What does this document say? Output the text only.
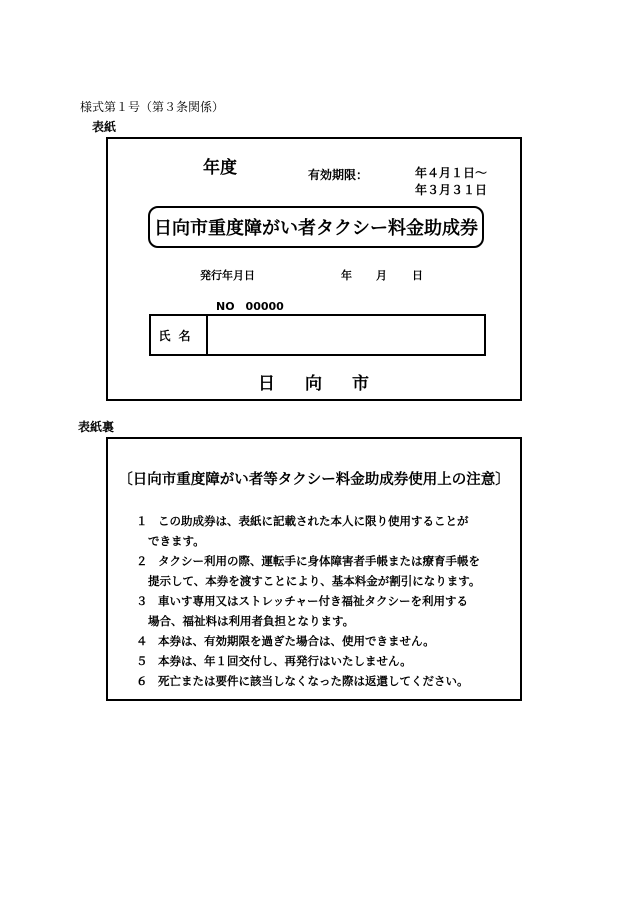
様式第１号（第３条関係）
表紙
年度	有効期限：	年４月１日～
年３月３１日
日向市重度障がい者タクシー料金助成券
発行年月日	年 月 日
NO　00000
氏名
日向市
表紙裏
〔日向市重度障がい者等タクシー料金助成券使用上の注意〕
１ この助成券は、表紙に記載された本人に限り使用することが
できます。
２ タクシー利用の際、運転手に身体障害者手帳または療育手帳を
提示して、本券を渡すことにより、基本料金が割引になります。
３ 車いす専用又はストレッチャー付き福祉タクシーを利用する
場合、福祉料は利用者負担となります。
４ 本券は、有効期限を過ぎた場合は、使用できません。
５ 本券は、年１回交付し、再発行はいたしません。
６ 死亡または要件に該当しなくなった際は返還してください。
